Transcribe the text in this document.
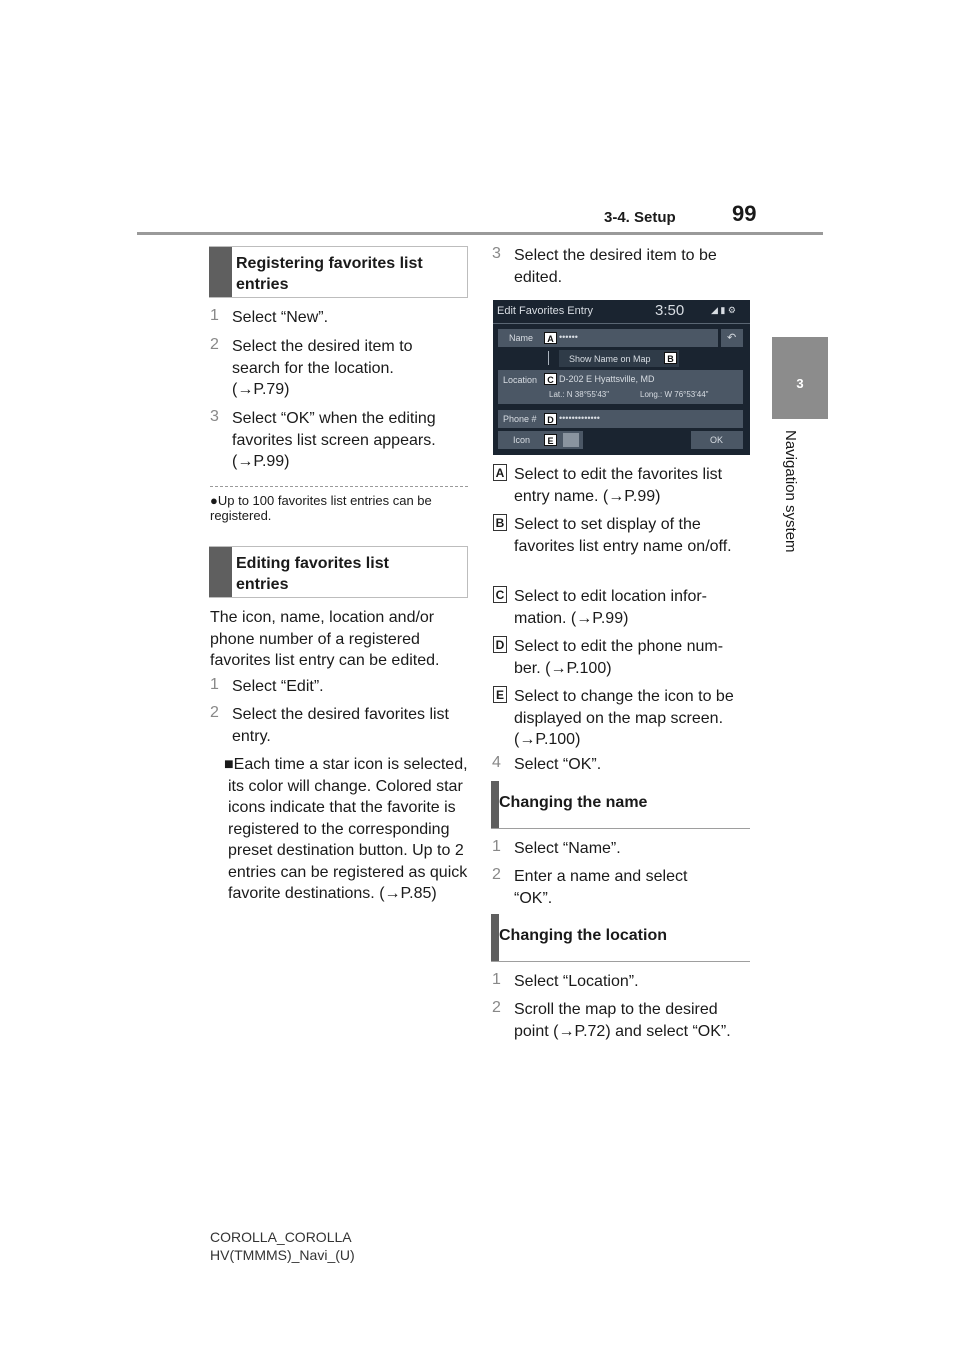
3-4. Setup	99
3
Navigation system
Registering favorites list entries
1 Select “New”.
2 Select the desired item to search for the location. (→P.79)
3 Select “OK” when the editing favorites list screen appears. (→P.99)
●Up to 100 favorites list entries can be registered.
Editing favorites list entries
The icon, name, location and/or phone number of a registered favorites list entry can be edited.
1 Select “Edit”.
2 Select the desired favorites list entry.
■Each time a star icon is selected, its color will change. Colored star icons indicate that the favorite is registered to the corresponding preset destination button. Up to 2 entries can be registered as quick favorite destinations. (→P.85)
3 Select the desired item to be edited.
Edit Favorites Entry	3:50	◢ ▮ ⚙
Name	••••••	↶
A
Show Name on Map	B
Location D-202 E Hyattsville, MD
Lat.: N 38°55'43"	Long.: W 76°53'44"
C
Phone # •••••••••••••
D
Icon	E	OK
A Select to edit the favorites list entry name. (→P.99)
B Select to set display of the favorites list entry name on/off.
C Select to edit location infor-mation. (→P.99)
D Select to edit the phone num-ber. (→P.100)
E Select to change the icon to be displayed on the map screen. (→P.100)
4 Select “OK”.
Changing the name
1 Select “Name”.
2 Enter a name and select “OK”.
Changing the location
1 Select “Location”.
2 Scroll the map to the desired point (→P.72) and select “OK”.
COROLLA_COROLLA
HV(TMMMS)_Navi_(U)
